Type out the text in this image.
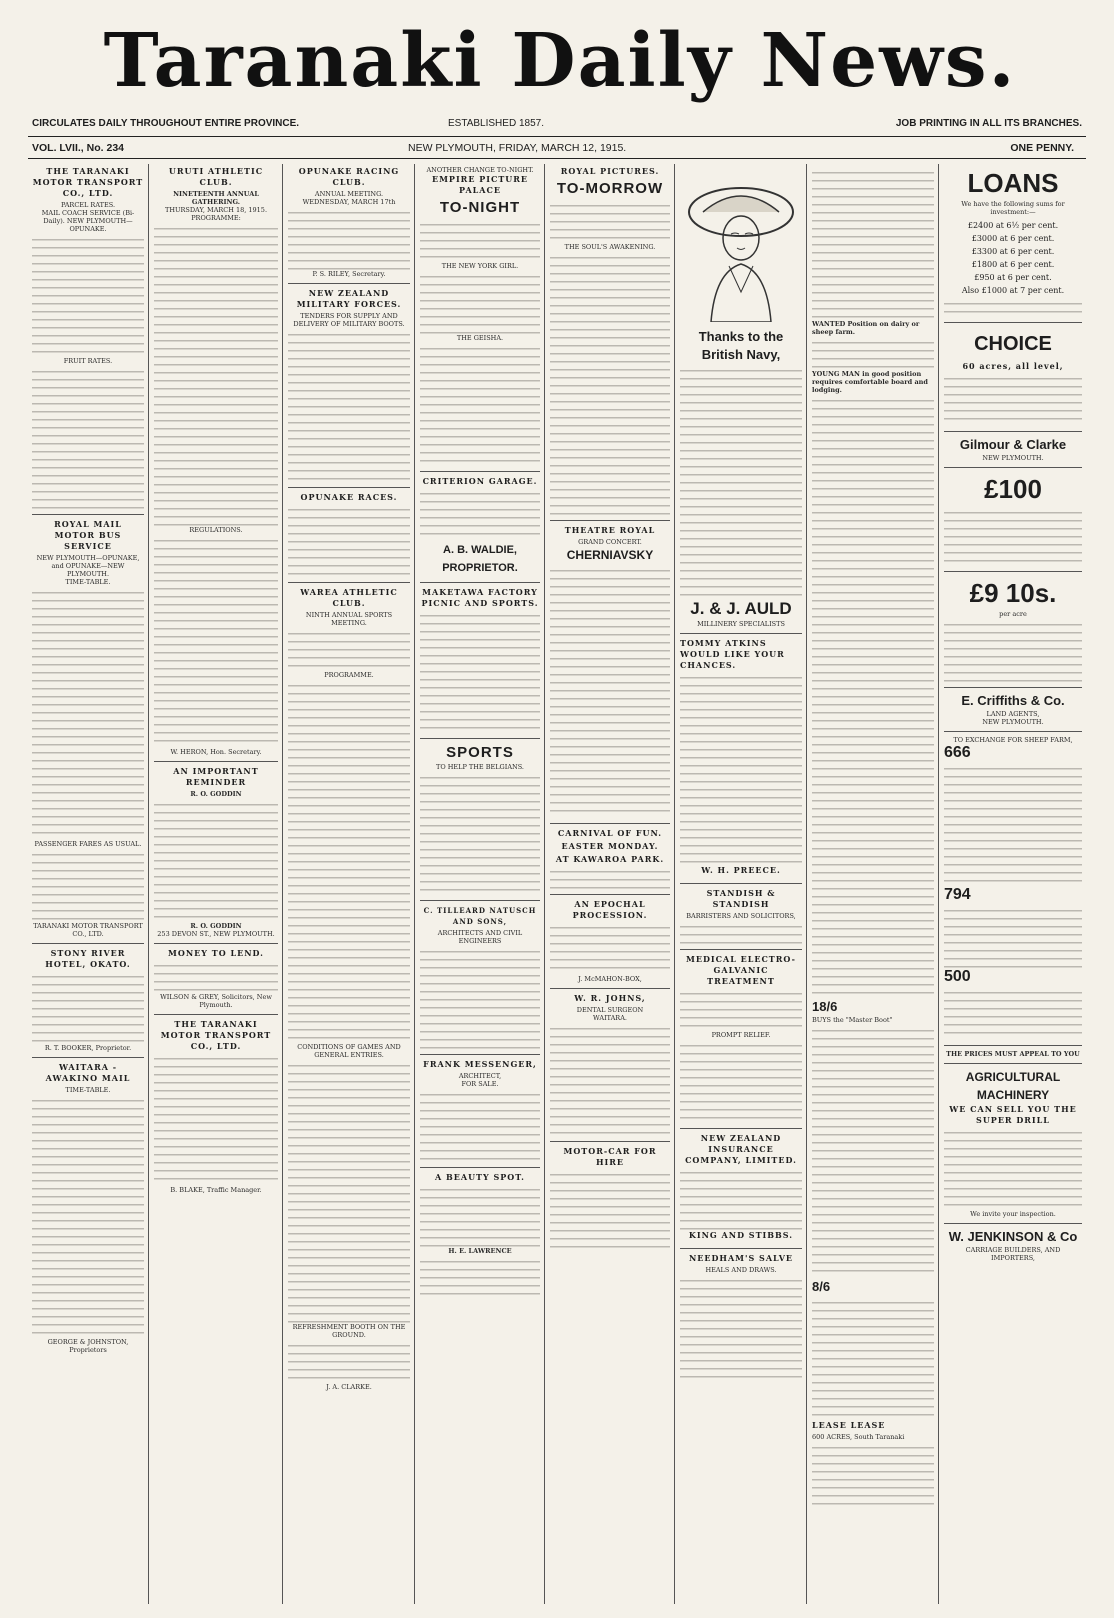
Taranaki Daily News.
CIRCULATES DAILY THROUGHOUT ENTIRE PROVINCE.	ESTABLISHED 1857.	JOB PRINTING IN ALL ITS BRANCHES.
VOL. LVII., No. 234	NEW PLYMOUTH, FRIDAY, MARCH 12, 1915.	ONE PENNY.
THE TARANAKI MOTOR TRANSPORT CO., LTD.
PARCEL RATES.
MAIL COACH SERVICE (Bi-Daily). NEW PLYMOUTH—OPUNAKE.
FRUIT RATES.
ROYAL MAIL MOTOR BUS SERVICE
NEW PLYMOUTH—OPUNAKE, and OPUNAKE—NEW PLYMOUTH.
TIME-TABLE.
PASSENGER FARES AS USUAL.
TARANAKI MOTOR TRANSPORT CO., LTD.
STONY RIVER HOTEL, OKATO.
R. T. BOOKER, Proprietor.
WAITARA - AWAKINO MAIL
TIME-TABLE.
GEORGE & JOHNSTON, Proprietors
URUTI ATHLETIC CLUB.
NINETEENTH ANNUAL GATHERING.
THURSDAY, MARCH 18, 1915.
PROGRAMME:
REGULATIONS.
W. HERON, Hon. Secretary.
AN IMPORTANT REMINDER
R. O. GODDIN
R. O. GODDIN
253 DEVON ST., NEW PLYMOUTH.
MONEY TO LEND.
WILSON & GREY, Solicitors, New Plymouth.
THE TARANAKI MOTOR TRANSPORT CO., LTD.
B. BLAKE, Traffic Manager.
OPUNAKE RACING CLUB.
ANNUAL MEETING.
WEDNESDAY, MARCH 17th
P. S. RILEY, Secretary.
NEW ZEALAND MILITARY FORCES.
TENDERS FOR SUPPLY AND DELIVERY OF MILITARY BOOTS.
OPUNAKE RACES.
WAREA ATHLETIC CLUB.
NINTH ANNUAL SPORTS MEETING.
PROGRAMME.
CONDITIONS OF GAMES AND GENERAL ENTRIES.
REFRESHMENT BOOTH ON THE GROUND.
J. A. CLARKE.
ANOTHER CHANGE TO-NIGHT.
EMPIRE PICTURE PALACE
TO-NIGHT
THE NEW YORK GIRL.
THE GEISHA.
CRITERION GARAGE.
A. B. WALDIE, PROPRIETOR.
MAKETAWA FACTORY PICNIC AND SPORTS.
SPORTS
TO HELP THE BELGIANS.
C. TILLEARD NATUSCH AND SONS,
ARCHITECTS AND CIVIL ENGINEERS
FRANK MESSENGER,
ARCHITECT,
FOR SALE.
A BEAUTY SPOT.
H. E. LAWRENCE
ROYAL PICTURES.
TO-MORROW
THE SOUL'S AWAKENING.
THEATRE ROYAL
GRAND CONCERT.
CHERNIAVSKY
CARNIVAL OF FUN.
EASTER MONDAY.
AT KAWAROA PARK.
AN EPOCHAL PROCESSION.
J. McMAHON-BOX,
W. R. JOHNS,
DENTAL SURGEON
WAITARA.
MOTOR-CAR FOR HIRE
Thanks to the British Navy,
J. & J. AULD
MILLINERY SPECIALISTS
TOMMY ATKINS WOULD LIKE YOUR CHANCES.
W. H. PREECE.
STANDISH & STANDISH
BARRISTERS AND SOLICITORS,
MEDICAL ELECTRO-GALVANIC TREATMENT
PROMPT RELIEF.
NEW ZEALAND INSURANCE COMPANY, LIMITED.
KING AND STIBBS.
NEEDHAM'S SALVE
HEALS AND DRAWS.
WANTED Position on dairy or sheep farm.
YOUNG MAN in good position requires comfortable board and lodging.
18/6
BUYS the "Master Boot"
8/6
LEASE LEASE
600 ACRES, South Taranaki
LOANS
We have the following sums for investment:—
£2400 at 6½ per cent.
£3000 at 6 per cent.
£3300 at 6 per cent.
£1800 at 6 per cent.
£950 at 6 per cent.
Also £1000 at 7 per cent.
CHOICE
60 acres, all level,
Gilmour & Clarke
NEW PLYMOUTH.
£100
£9 10s.
per acre
E. Criffiths & Co.
LAND AGENTS,
NEW PLYMOUTH.
TO EXCHANGE FOR SHEEP FARM,
666
794
500
THE PRICES MUST APPEAL TO YOU
AGRICULTURAL MACHINERY
WE CAN SELL YOU THE SUPER DRILL
We invite your inspection.
W. JENKINSON & Co
CARRIAGE BUILDERS, AND IMPORTERS,
